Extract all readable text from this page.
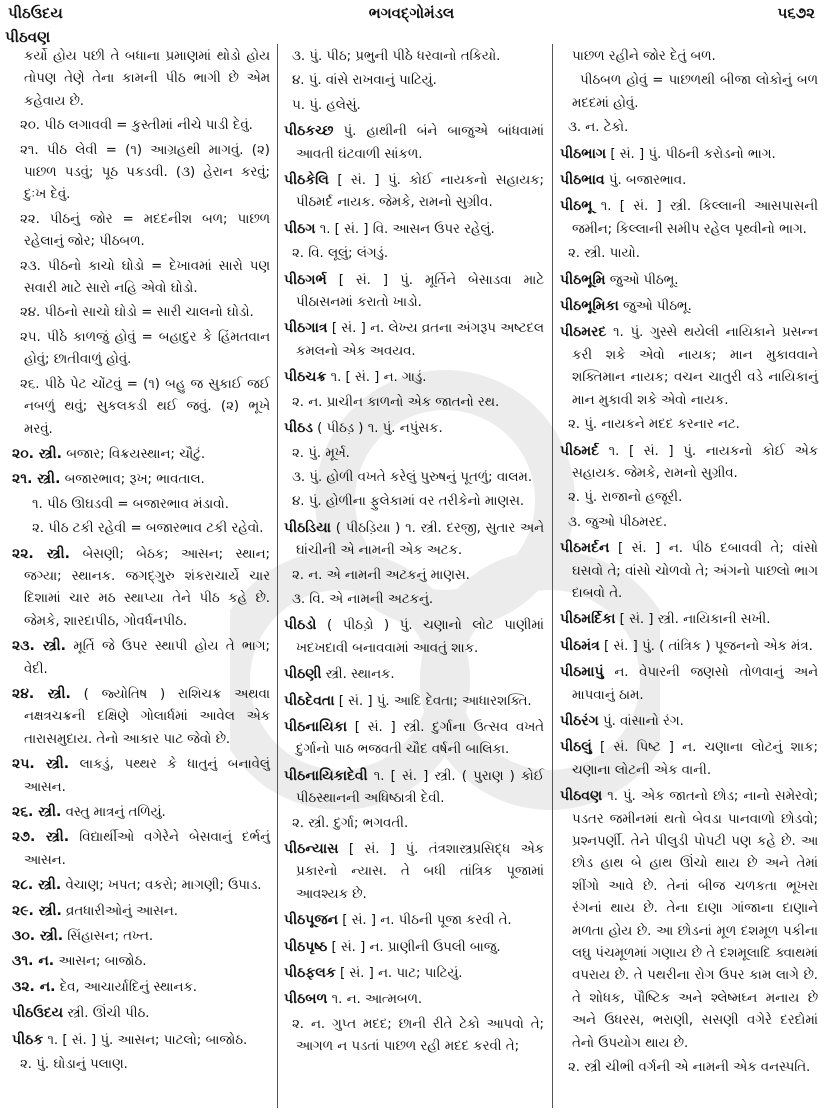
પીઠઉદય	ભગવદ્ગોમંડલ	૫૬૭૨
પીઠવણ

કર્યો હોય પછી તે બધાના પ્રમાણમાં થોડો હોય તોપણ તેણે તેના કામની પીઠ ભાગી છે એમ કહેવાય છે.

૨૦. પીઠ લગાવવી = કુસ્તીમાં નીચે પાડી દેવું.

૨૧. પીઠ લેવી = (૧) આગ્રહથી માગવું. (૨) પાછળ પડવું; પૂઠ પકડવી. (૩) હેરાન કરવું; દુઃખ દેવું.

૨૨. પીઠનું જોર = મદદનીશ બળ; પાછળ રહેલાનું જોર; પીઠબળ.

૨૩. પીઠનો કાચો ઘોડો = દેખાવમાં સારો પણ સવારી માટે સારો નહિ એવો ઘોડો.

૨૪. પીઠનો સાચો ઘોડો = સારી ચાલનો ઘોડો.

૨૫. પીઠે કાળજું હોવું = બહાદુર કે હિંમતવાન હોવું; છાતીવાળું હોવું.

૨૬. પીઠે પેટ ચોંટવું = (૧) બહુ જ સુકાઈ જઈ નબળું થવું; સુકલકડી થઈ જવું. (૨) ભૂખે મરવું.

૨૦. સ્ત્રી. બજાર; વિક્રયસ્થાન; ચૌટું.

૨૧. સ્ત્રી. બજારભાવ; રૂખ; ભાવતાલ.

૧. પીઠ ઊઘડવી = બજારભાવ મંડાવો.

૨. પીઠ ટકી રહેવી = બજારભાવ ટકી રહેવો.

૨૨. સ્ત્રી. બેસણી; બેઠક; આસન; સ્થાન; જગ્યા; સ્થાનક. જગદ્ગુરુ શંકરાચાર્યે ચાર દિશામાં ચાર મઠ સ્થાપ્યા તેને પીઠ કહે છે. જેમકે, શારદાપીઠ, ગોવર્ધનપીઠ.

૨૩. સ્ત્રી. મૂર્તિ જે ઉપર સ્થાપી હોય તે ભાગ; વેદી.

૨૪. સ્ત્રી. ( જ્યોતિષ ) રાશિચક્ર અથવા નક્ષત્રચક્રની દક્ષિણે ગોલાર્ધમાં આવેલ એક તારાસમુદાય. તેનો આકાર પાટ જેવો છે.

૨૫. સ્ત્રી. લાકડું, પથ્થર કે ધાતુનું બનાવેલું આસન.

૨૬. સ્ત્રી. વસ્તુ માત્રનું તળિયું.

૨૭. સ્ત્રી. વિદ્યાર્થીઓ વગેરેને બેસવાનું દર્ભનું આસન.

૨૮. સ્ત્રી. વેચાણ; ખપત; વકરો; માગણી; ઉપાડ.

૨૯. સ્ત્રી. વ્રતધારીઓનું આસન.

૩૦. સ્ત્રી. સિંહાસન; તખ્ત.

૩૧. ન. આસન; બાજોઠ.

૩૨. ન. દેવ, આચાર્યાદિનું સ્થાનક.

પીઠઉદય સ્ત્રી. ઊંચી પીઠ.

પીઠક ૧. [ સં. ] પું. આસન; પાટલો; બાજોઠ.

૨. પું. ઘોડાનું પલાણ.

૩. પું. પીઠ; પ્રભુની પીઠે ધરવાનો તકિયો.

૪. પું. વાંસે રાખવાનું પાટિયું.

૫. પું. હલેસું.

પીઠકચ્છ પું. હાથીની બંને બાજુએ બાંધવામાં આવતી ઘંટવાળી સાંકળ.

પીઠકેલિ [ સં. ] પું. કોઈ નાયકનો સહાયક; પીઠમર્દ નાયક. જેમકે, રામનો સુગ્રીવ.

પીઠગ ૧. [ સં. ] વિ. આસન ઉપર રહેલું.

૨. વિ. લૂલું; લંગડું.

પીઠગર્ભ [ સં. ] પું. મૂર્તિને બેસાડવા માટે પીઠાસનમાં કરાતો ખાડો.

પીઠગાત્ર [ સં. ] ન. લેખ્ય વ્રતના અંગરૂપ અષ્ટદલ કમલનો એક અવયવ.

પીઠચક્ર ૧. [ સં. ] ન. ગાડું.

૨. ન. પ્રાચીન કાળનો એક જાતનો રથ.

પીઠડ ( પીઠડ઼ ) ૧. પું. નપુંસક.

૨. પું. મૂર્ખ.

૩. પું. હોળી વખતે કરેલું પુરુષનું પૂતળું; વાલમ.

૪. પું. હોળીના ફુલેકામાં વર તરીકેનો માણસ.

પીઠડિયા ( પીઠડ઼િયા ) ૧. સ્ત્રી. દરજી, સુતાર અને ઘાંચીની એ નામની એક અટક.

૨. ન. એ નામની અટકનું માણસ.

૩. વિ. એ નામની અટકનું.

પીઠડો ( પીઠડ઼ો ) પું. ચણાનો લોટ પાણીમાં ખદખદાવી બનાવવામાં આવતું શાક.

પીઠણી સ્ત્રી. સ્થાનક.

પીઠદેવતા [ સં. ] પું. આદિ દેવતા; આધારશક્તિ.

પીઠનાયિકા [ સં. ] સ્ત્રી. દુર્ગાના ઉત્સવ વખતે દુર્ગાનો પાઠ ભજવતી ચૌદ વર્ષની બાલિકા.

પીઠનાયિકાદેવી ૧. [ સં. ] સ્ત્રી. ( પુરાણ ) કોઈ પીઠસ્થાનની અધિષ્ઠાત્રી દેવી.

૨. સ્ત્રી. દુર્ગા; ભગવતી.

પીઠન્યાસ [ સં. ] પું. તંત્રશાસ્ત્રપ્રસિદ્ધ એક પ્રકારનો ન્યાસ. તે બધી તાંત્રિક પૂજામાં આવશ્યક છે.

પીઠપૂજન [ સં. ] ન. પીઠની પૂજા કરવી તે.

પીઠપૃષ્ઠ [ સં. ] ન. પ્રાણીની ઉપલી બાજુ.

પીઠફલક [ સં. ] ન. પાટ; પાટિયું.

પીઠબળ ૧. ન. આત્મબળ.

૨. ન. ગુપ્ત મદદ; છાની રીતે ટેકો આપવો તે; આગળ ન પડતાં પાછળ રહી મદદ કરવી તે;

પાછળ રહીને જોર દેતું બળ.

પીઠબળ હોવું = પાછળથી બીજા લોકોનું બળ મદદમાં હોવું.

૩. ન. ટેકો.

પીઠભાગ [ સં. ] પું. પીઠની કરોડનો ભાગ.

પીઠભાવ પું. બજારભાવ.

પીઠભૂ ૧. [ સં. ] સ્ત્રી. કિલ્લાની આસપાસની જમીન; કિલ્લાની સમીપ રહેલ પૃથ્વીનો ભાગ.

૨. સ્ત્રી. પાયો.

પીઠભૂમિ જુઓ પીઠભૂ.

પીઠભૂમિકા જુઓ પીઠભૂ.

પીઠમરદ ૧. પું. ગુસ્સે થયેલી નાયિકાને પ્રસન્ન કરી શકે એવો નાયક; માન મુકાવવાને શક્તિમાન નાયક; વચન ચાતુરી વડે નાયિકાનું માન મુકાવી શકે એવો નાયક.

૨. પું. નાયકને મદદ કરનાર નટ.

પીઠમર્દ ૧. [ સં. ] પું. નાયકનો કોઈ એક સહાયક. જેમકે, રામનો સુગ્રીવ.

૨. પું. રાજાનો હજૂરી.

૩. જુઓ પીઠમરદ.

પીઠમર્દન [ સં. ] ન. પીઠ દબાવવી તે; વાંસો ઘસવો તે; વાંસો ચોળવો તે; અંગનો પાછલો ભાગ દાબવો તે.

પીઠમર્દિકા [ સં. ] સ્ત્રી. નાયિકાની સખી.

પીઠમંત્ર [ સં. ] પું. ( તાંત્રિક ) પૂજનનો એક મંત્ર.

પીઠમાપું ન. વેપારની જણસો તોળવાનું અને માપવાનું ઠામ.

પીઠરંગ પું. વાંસાનો રંગ.

પીઠલું [ સં. પિષ્ટ ] ન. ચણાના લોટનું શાક; ચણાના લોટની એક વાની.

પીઠવણ ૧. પું. એક જાતનો છોડ; નાનો સમેરવો; પડતર જમીનમાં થતો બેવડા પાનવાળો છોડવો; પ્રશ્નપર્ણી. તેને પીલુડી પોપટી પણ કહે છે. આ છોડ હાથ બે હાથ ઊંચો થાય છે અને તેમાં શીંગો આવે છે. તેનાં બીજ ચળકતા ભૂખરા રંગનાં થાય છે. તેના દાણા ગાંજાના દાણાને મળતા હોય છે. આ છોડનાં મૂળ દશમૂળ પકીના લઘુ પંચમૂળમાં ગણાય છે તે દશમૂલાદિ ક્વાથમાં વપરાય છે. તે પથરીના રોગ ઉપર કામ લાગે છે. તે શોધક, પૌષ્ટિક અને શ્લેષ્મઘ્ન મનાય છે અને ઉધરસ, ભરાણી, સસણી વગેરે દરદોમાં તેનો ઉપયોગ થાય છે.

૨. સ્ત્રી ચીભી વર્ગની એ નામની એક વનસ્પતિ.
